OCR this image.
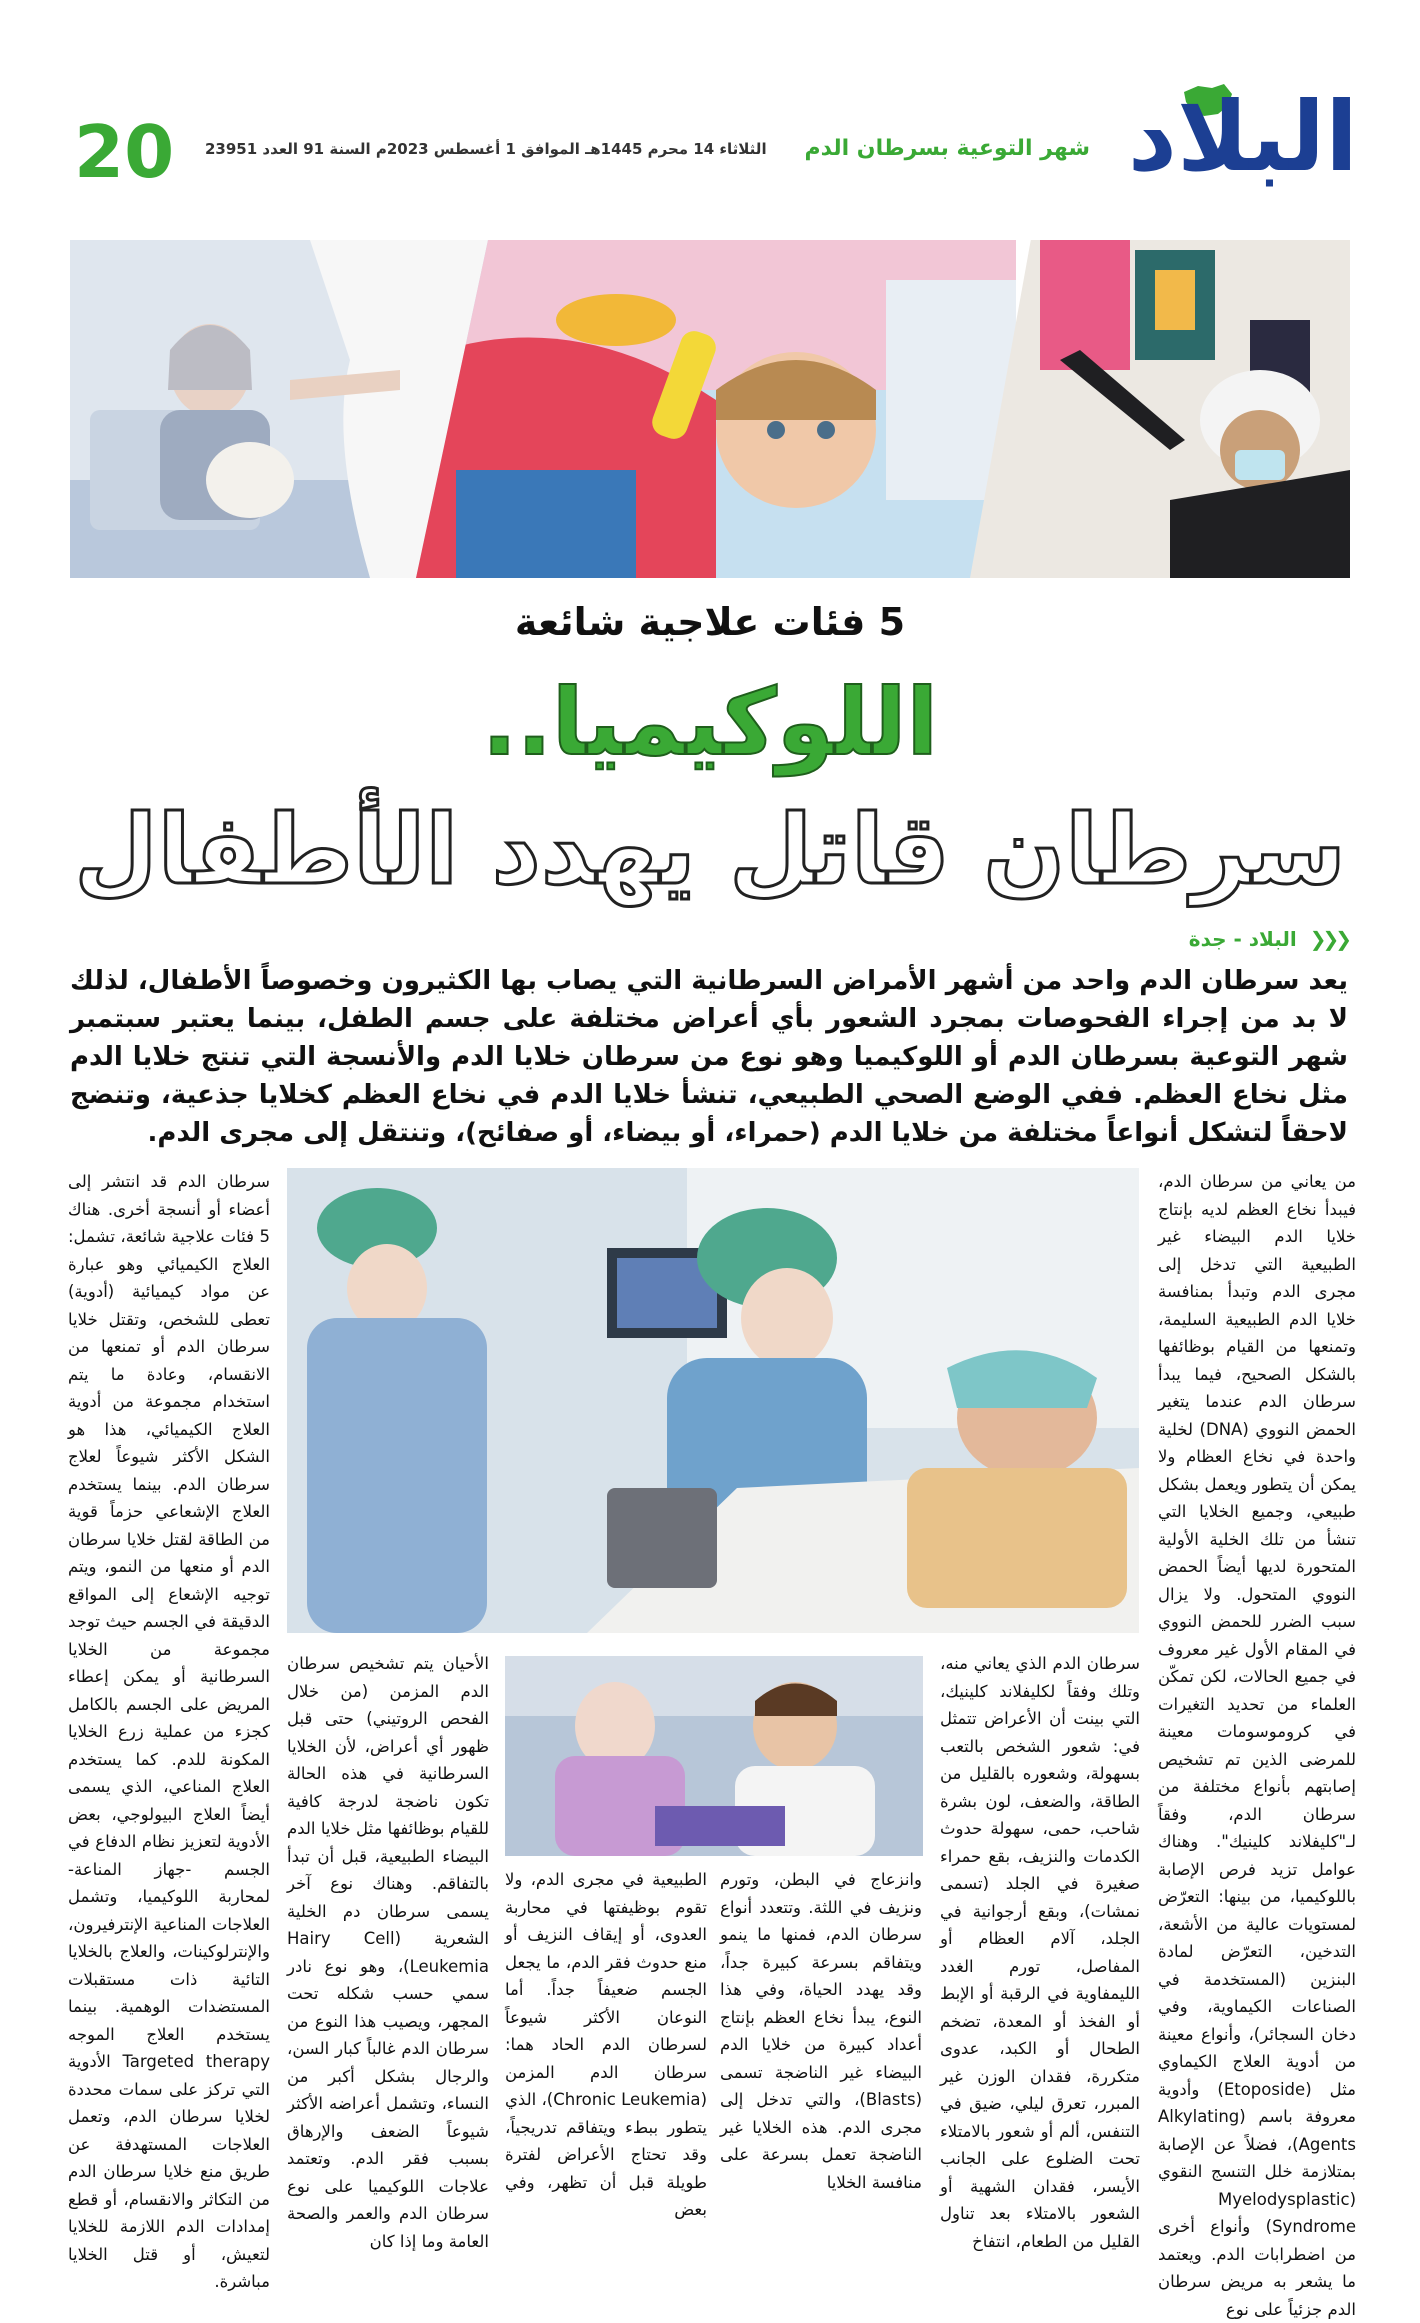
البلاد
شهر التوعية بسرطان الدم
الثلاثاء 14 محرم 1445هـ الموافق 1 أغسطس 2023م السنة 91 العدد 23951
20
5 فئات علاجية شائعة
اللوكيميا..
سرطان قاتل يهدد الأطفال
❮❮❮ البلاد - جدة
يعد سرطان الدم واحد من أشهر الأمراض السرطانية التي يصاب بها الكثيرون وخصوصاً الأطفال، لذلك لا بد من إجراء الفحوصات بمجرد الشعور بأي أعراض مختلفة على جسم الطفل، بينما يعتبر سبتمبر شهر التوعية بسرطان الدم أو اللوكيميا وهو نوع من سرطان خلايا الدم والأنسجة التي تنتج خلايا الدم مثل نخاع العظم. ففي الوضع الصحي الطبيعي، تنشأ خلايا الدم في نخاع العظم كخلايا جذعية، وتنضج لاحقاً لتشكل أنواعاً مختلفة من خلايا الدم (حمراء، أو بيضاء، أو صفائح)، وتنتقل إلى مجرى الدم.
من يعاني من سرطان الدم، فيبدأ نخاع العظم لديه بإنتاج خلايا الدم البيضاء غير الطبيعية التي تدخل إلى مجرى الدم وتبدأ بمنافسة خلايا الدم الطبيعية السليمة، وتمنعها من القيام بوظائفها بالشكل الصحيح، فيما يبدأ سرطان الدم عندما يتغير الحمض النووي (DNA) لخلية واحدة في نخاع العظام ولا يمكن أن يتطور ويعمل بشكل طبيعي، وجميع الخلايا التي تنشأ من تلك الخلية الأولية المتحورة لديها أيضاً الحمض النووي المتحول. ولا يزال سبب الضرر للحمض النووي في المقام الأول غير معروف في جميع الحالات، لكن تمكّن العلماء من تحديد التغيرات في كروموسومات معينة للمرضى الذين تم تشخيص إصابتهم بأنواع مختلفة من سرطان الدم، وفقاً لـ"كليفلاند كلينيك". وهناك عوامل تزيد فرص الإصابة باللوكيميا، من بينها: التعرّض لمستويات عالية من الأشعة، التدخين، التعرّض لمادة البنزين (المستخدمة في الصناعات الكيماوية، وفي دخان السجائر)، وأنواع معينة من أدوية العلاج الكيماوي مثل (Etoposide) وأدوية معروفة باسم (Alkylating Agents)، فضلاً عن الإصابة بمتلازمة خلل التنسج النقوي (Myelodysplastic Syndrome) وأنواع أخرى من اضطرابات الدم. ويعتمد ما يشعر به مريض سرطان الدم جزئياً على نوع
سرطان الدم قد انتشر إلى أعضاء أو أنسجة أخرى. هناك 5 فئات علاجية شائعة، تشمل: العلاج الكيميائي وهو عبارة عن مواد كيميائية (أدوية) تعطى للشخص، وتقتل خلايا سرطان الدم أو تمنعها من الانقسام، وعادة ما يتم استخدام مجموعة من أدوية العلاج الكيميائي، هذا هو الشكل الأكثر شيوعاً لعلاج سرطان الدم. بينما يستخدم العلاج الإشعاعي حزماً قوية من الطاقة لقتل خلايا سرطان الدم أو منعها من النمو، ويتم توجيه الإشعاع إلى المواقع الدقيقة في الجسم حيث توجد مجموعة من الخلايا السرطانية أو يمكن إعطاء المريض على الجسم بالكامل كجزء من عملية زرع الخلايا المكونة للدم. كما يستخدم العلاج المناعي، الذي يسمى أيضاً العلاج البيولوجي، بعض الأدوية لتعزيز نظام الدفاع في الجسم -جهاز المناعة- لمحاربة اللوكيميا، وتشمل العلاجات المناعية الإنترفيرون، والإنترلوكينات، والعلاج بالخلايا التائية ذات مستقبلات المستضدات الوهمية. بينما يستخدم العلاج الموجه Targeted therapy الأدوية التي تركز على سمات محددة لخلايا سرطان الدم، وتعمل العلاجات المستهدفة عن طريق منع خلايا سرطان الدم من التكاثر والانقسام، أو قطع إمدادات الدم اللازمة للخلايا لتعيش، أو قتل الخلايا مباشرة.
سرطان الدم الذي يعاني منه، وتلك وفقاً لكليفلاند كلينيك، التي بينت أن الأعراض تتمثل في: شعور الشخص بالتعب بسهولة، وشعوره بالقليل من الطاقة، والضعف، لون بشرة شاحب، حمى، سهولة حدوث الكدمات والنزيف، بقع حمراء صغيرة في الجلد (تسمى نمشات)، وبقع أرجوانية في الجلد، آلام العظام أو المفاصل، تورم الغدد الليمفاوية في الرقبة أو الإبط أو الفخذ أو المعدة، تضخم الطحال أو الكبد، عدوى متكررة، فقدان الوزن غير المبرر، تعرق ليلي، ضيق في التنفس، ألم أو شعور بالامتلاء تحت الضلوع على الجانب الأيسر، فقدان الشهية أو الشعور بالامتلاء بعد تناول القليل من الطعام، انتفاخ
وانزعاج في البطن، وتورم ونزيف في اللثة. وتتعدد أنواع سرطان الدم، فمنها ما ينمو ويتفاقم بسرعة كبيرة جداً، وقد يهدد الحياة، وفي هذا النوع، يبدأ نخاع العظم بإنتاج أعداد كبيرة من خلايا الدم البيضاء غير الناضجة تسمى (Blasts)، والتي تدخل إلى مجرى الدم. هذه الخلايا غير الناضجة تعمل بسرعة على منافسة الخلايا
الطبيعية في مجرى الدم، ولا تقوم بوظيفتها في محاربة العدوى، أو إيقاف النزيف أو منع حدوث فقر الدم، ما يجعل الجسم ضعيفاً جداً. أما النوعان الأكثر شيوعاً لسرطان الدم الحاد هما: سرطان الدم المزمن (Chronic Leukemia)، الذي يتطور ببطء ويتفاقم تدريجياً، وقد تحتاج الأعراض لفترة طويلة قبل أن تظهر، وفي بعض
الأحيان يتم تشخيص سرطان الدم المزمن (من خلال الفحص الروتيني) حتى قبل ظهور أي أعراض، لأن الخلايا السرطانية في هذه الحالة تكون ناضجة لدرجة كافية للقيام بوظائفها مثل خلايا الدم البيضاء الطبيعية، قبل أن تبدأ بالتفاقم. وهناك نوع آخر يسمى سرطان دم الخلية الشعرية (Hairy Cell Leukemia)، وهو نوع نادر سمي حسب شكله تحت المجهر، ويصيب هذا النوع من سرطان الدم غالباً كبار السن، والرجال بشكل أكبر من النساء، وتشمل أعراضه الأكثر شيوعاً الضعف والإرهاق بسبب فقر الدم. وتعتمد علاجات اللوكيميا على نوع سرطان الدم والعمر والصحة العامة وما إذا كان
